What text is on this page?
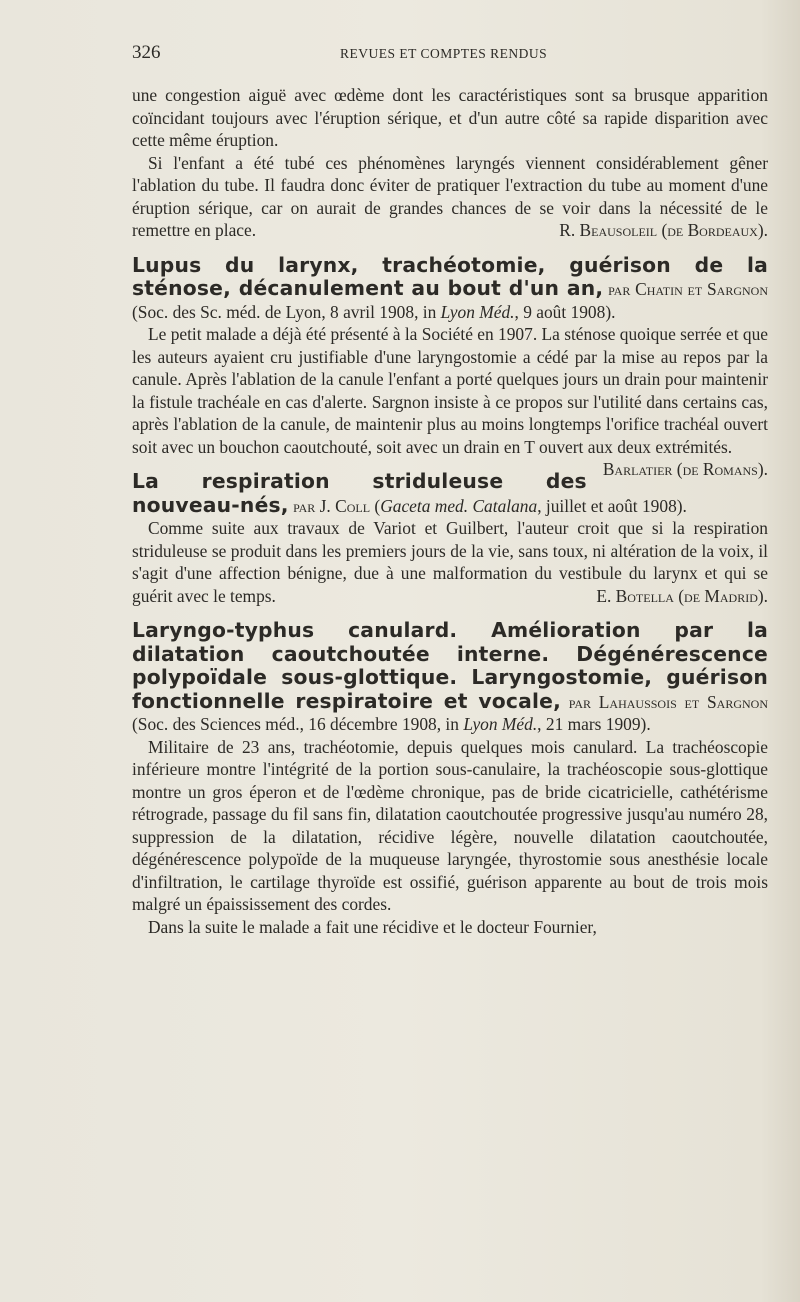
326	REVUES ET COMPTES RENDUS

une congestion aiguë avec œdème dont les caractéristiques sont sa brusque apparition coïncidant toujours avec l'éruption sérique, et d'un autre côté sa rapide disparition avec cette même éruption.

Si l'enfant a été tubé ces phénomènes laryngés viennent considérablement gêner l'ablation du tube. Il faudra donc éviter de pratiquer l'extraction du tube au moment d'une éruption sérique, car on aurait de grandes chances de se voir dans la nécessité de le remettre en place.	R. Beausoleil (de Bordeaux).

Lupus du larynx, trachéotomie, guérison de la sténose, décanulement au bout d'un an, par Chatin et Sargnon (Soc. des Sc. méd. de Lyon, 8 avril 1908, in Lyon Méd., 9 août 1908).

Le petit malade a déjà été présenté à la Société en 1907. La sténose quoique serrée et que les auteurs ayaient cru justifiable d'une laryngostomie a cédé par la mise au repos par la canule. Après l'ablation de la canule l'enfant a porté quelques jours un drain pour maintenir la fistule trachéale en cas d'alerte. Sargnon insiste à ce propos sur l'utilité dans certains cas, après l'ablation de la canule, de maintenir plus au moins longtemps l'orifice trachéal ouvert soit avec un bouchon caoutchouté, soit avec un drain en T ouvert aux deux extrémités.
Barlatier (de Romans).

La respiration striduleuse des nouveau-nés, par J. Coll (Gaceta med. Catalana, juillet et août 1908).

Comme suite aux travaux de Variot et Guilbert, l'auteur croit que si la respiration striduleuse se produit dans les premiers jours de la vie, sans toux, ni altération de la voix, il s'agit d'une affection bénigne, due à une malformation du vestibule du larynx et qui se guérit avec le temps.	E. Botella (de Madrid).

Laryngo-typhus canulard. Amélioration par la dilatation caoutchoutée interne. Dégénérescence polypoïdale sous-glottique. Laryngostomie, guérison fonctionnelle respiratoire et vocale, par Lahaussois et Sargnon (Soc. des Sciences méd., 16 décembre 1908, in Lyon Méd., 21 mars 1909).

Militaire de 23 ans, trachéotomie, depuis quelques mois canulard. La trachéoscopie inférieure montre l'intégrité de la portion sous-canulaire, la trachéoscopie sous-glottique montre un gros éperon et de l'œdème chronique, pas de bride cicatricielle, cathétérisme rétrograde, passage du fil sans fin, dilatation caoutchoutée progressive jusqu'au numéro 28, suppression de la dilatation, récidive légère, nouvelle dilatation caoutchoutée, dégénérescence polypoïde de la muqueuse laryngée, thyrostomie sous anesthésie locale d'infiltration, le cartilage thyroïde est ossifié, guérison apparente au bout de trois mois malgré un épaississement des cordes.

Dans la suite le malade a fait une récidive et le docteur Fournier,
